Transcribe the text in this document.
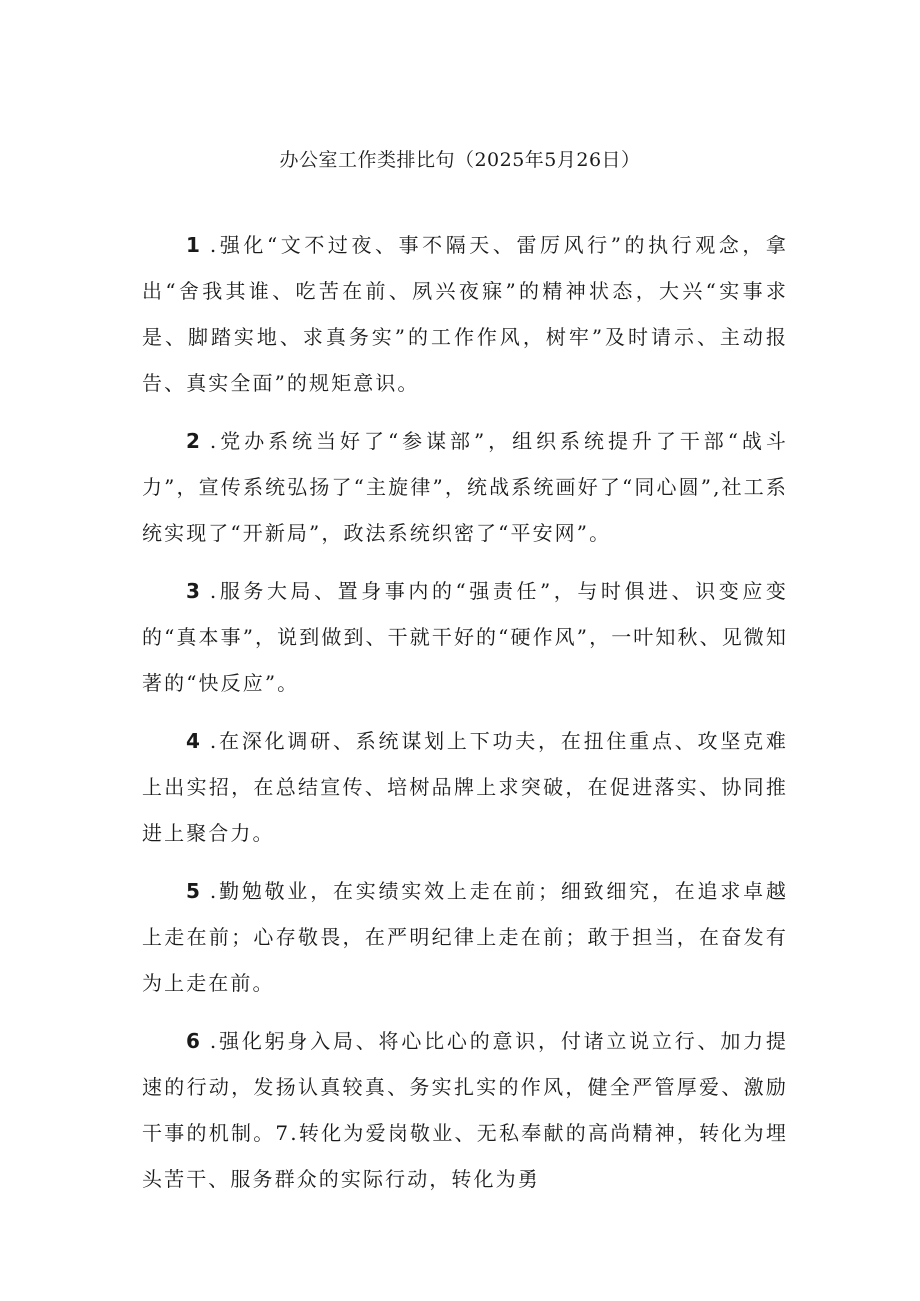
办公室工作类排比句（2025年5月26日）

1 .强化“文不过夜、事不隔天、雷厉风行”的执行观念，拿出“舍我其谁、吃苦在前、夙兴夜寐”的精神状态，大兴“实事求是、脚踏实地、求真务实”的工作作风，树牢”及时请示、主动报告、真实全面”的规矩意识。

2 .党办系统当好了“参谋部”，组织系统提升了干部“战斗力”，宣传系统弘扬了“主旋律”，统战系统画好了“同心圆”,社工系统实现了“开新局”，政法系统织密了“平安网”。

3 .服务大局、置身事内的“强责任”，与时俱进、识变应变的“真本事”，说到做到、干就干好的“硬作风”，一叶知秋、见微知著的“快反应”。

4 .在深化调研、系统谋划上下功夫，在扭住重点、攻坚克难上出实招，在总结宣传、培树品牌上求突破，在促进落实、协同推进上聚合力。

5 .勤勉敬业，在实绩实效上走在前；细致细究，在追求卓越上走在前；心存敬畏，在严明纪律上走在前；敢于担当，在奋发有为上走在前。

6 .强化躬身入局、将心比心的意识，付诸立说立行、加力提速的行动，发扬认真较真、务实扎实的作风，健全严管厚爱、激励干事的机制。7.转化为爱岗敬业、无私奉献的高尚精神，转化为埋头苦干、服务群众的实际行动，转化为勇
